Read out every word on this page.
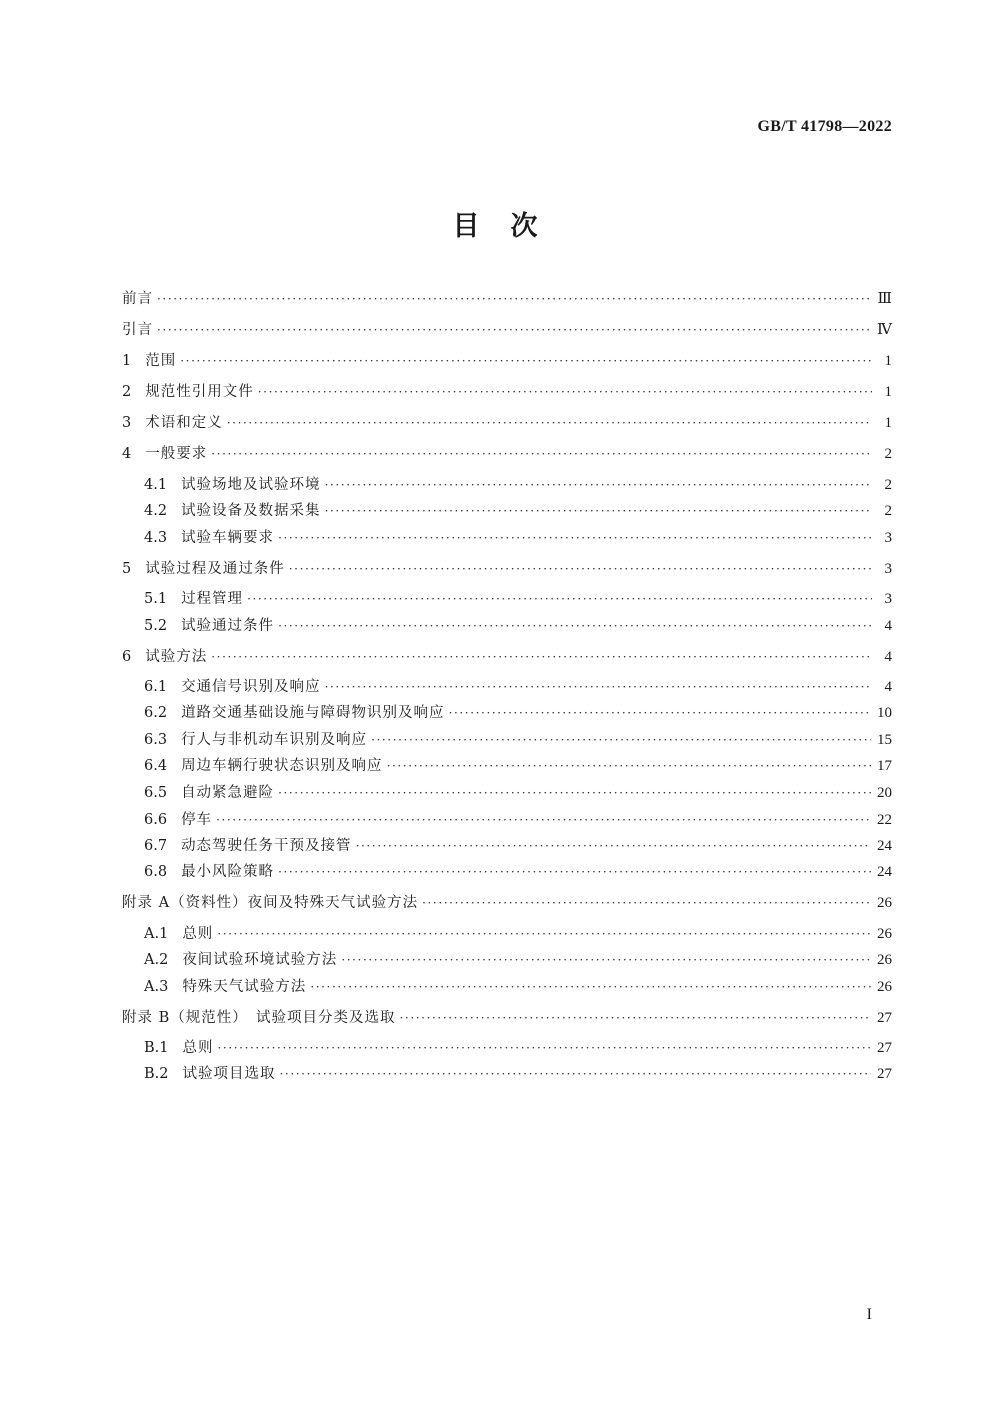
GB/T 41798—2022
目　次
前言 ·····	Ⅲ
引言 ·····	Ⅳ
1 范围 ·····	1
2 规范性引用文件 ·····	1
3 术语和定义 ·····	1
4 一般要求 ·····	2
4.1 试验场地及试验环境 ·····	2
4.2 试验设备及数据采集 ·····	2
4.3 试验车辆要求 ·····	3
5 试验过程及通过条件 ·····	3
5.1 过程管理 ·····	3
5.2 试验通过条件 ·····	4
6 试验方法 ·····	4
6.1 交通信号识别及响应 ·····	4
6.2 道路交通基础设施与障碍物识别及响应 ·····	10
6.3 行人与非机动车识别及响应 ·····	15
6.4 周边车辆行驶状态识别及响应 ·····	17
6.5 自动紧急避险 ·····	20
6.6 停车 ·····	22
6.7 动态驾驶任务干预及接管 ·····	24
6.8 最小风险策略 ·····	24
附录 A（资料性）夜间及特殊天气试验方法 ·····	26
A.1 总则 ·····	26
A.2 夜间试验环境试验方法 ·····	26
A.3 特殊天气试验方法 ·····	26
附录 B（规范性）　试验项目分类及选取 ·····	27
B.1 总则 ·····	27
B.2 试验项目选取 ·····	27
I
